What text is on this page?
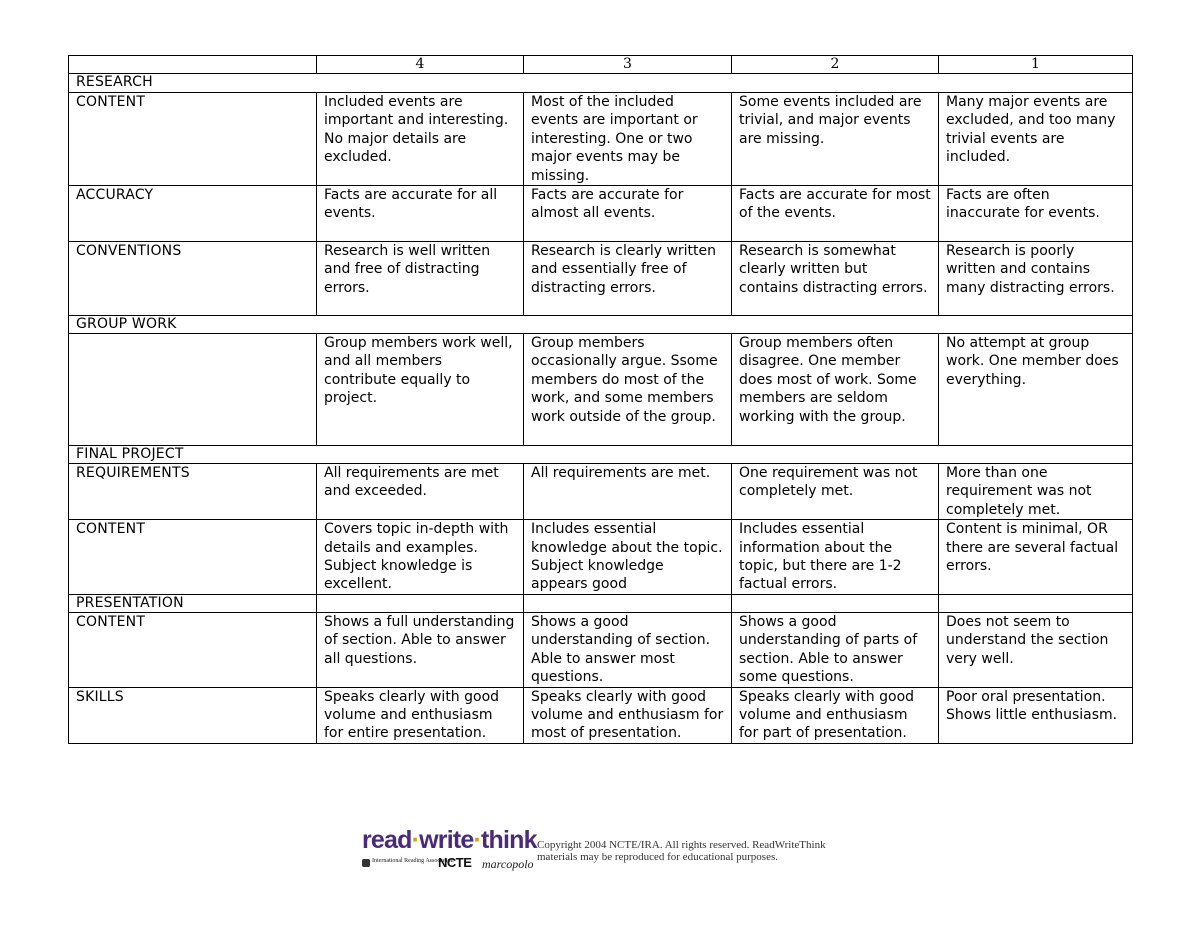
	4	3	2	1
RESEARCH				
CONTENT	Included events are important and interesting. No major details are excluded.	Most of the included events are important or interesting. One or two major events may be missing.	Some events included are trivial, and major events are missing.	Many major events are excluded, and too many trivial events are included.
ACCURACY	Facts are accurate for all events.	Facts are accurate for almost all events.	Facts are accurate for most of the events.	Facts are often inaccurate for events.
CONVENTIONS	Research is well written and free of distracting errors.	Research is clearly written and essentially free of distracting errors.	Research is somewhat clearly written but contains distracting errors.	Research is poorly written and contains many distracting errors.
GROUP WORK				
	Group members work well, and all members contribute equally to project.	Group members occasionally argue. Ssome members do most of the work, and some members work outside of the group.	Group members often disagree. One member does most of work. Some members are seldom working with the group.	No attempt at group work. One member does everything.
FINAL PROJECT				
REQUIREMENTS	All requirements are met and exceeded.	All requirements are met.	One requirement was not completely met.	More than one requirement was not completely met.
CONTENT	Covers topic in-depth with details and examples. Subject knowledge is excellent.	Includes essential knowledge about the topic. Subject knowledge appears good	Includes essential information about the topic, but there are 1-2 factual errors.	Content is minimal, OR there are several factual errors.
PRESENTATION				
CONTENT	Shows a full understanding of section. Able to answer all questions.	Shows a good understanding of section. Able to answer most questions.	Shows a good understanding of parts of section. Able to answer some questions.	Does not seem to understand the section very well.
SKILLS	Speaks clearly with good volume and enthusiasm for entire presentation.	Speaks clearly with good volume and enthusiasm for most of presentation.	Speaks clearly with good volume and enthusiasm for part of presentation.	Poor oral presentation. Shows little enthusiasm.
read·write·think
International Reading Association
NCTE marcopolo
Copyright 2004 NCTE/IRA. All rights reserved. ReadWriteThink
materials may be reproduced for educational purposes.
